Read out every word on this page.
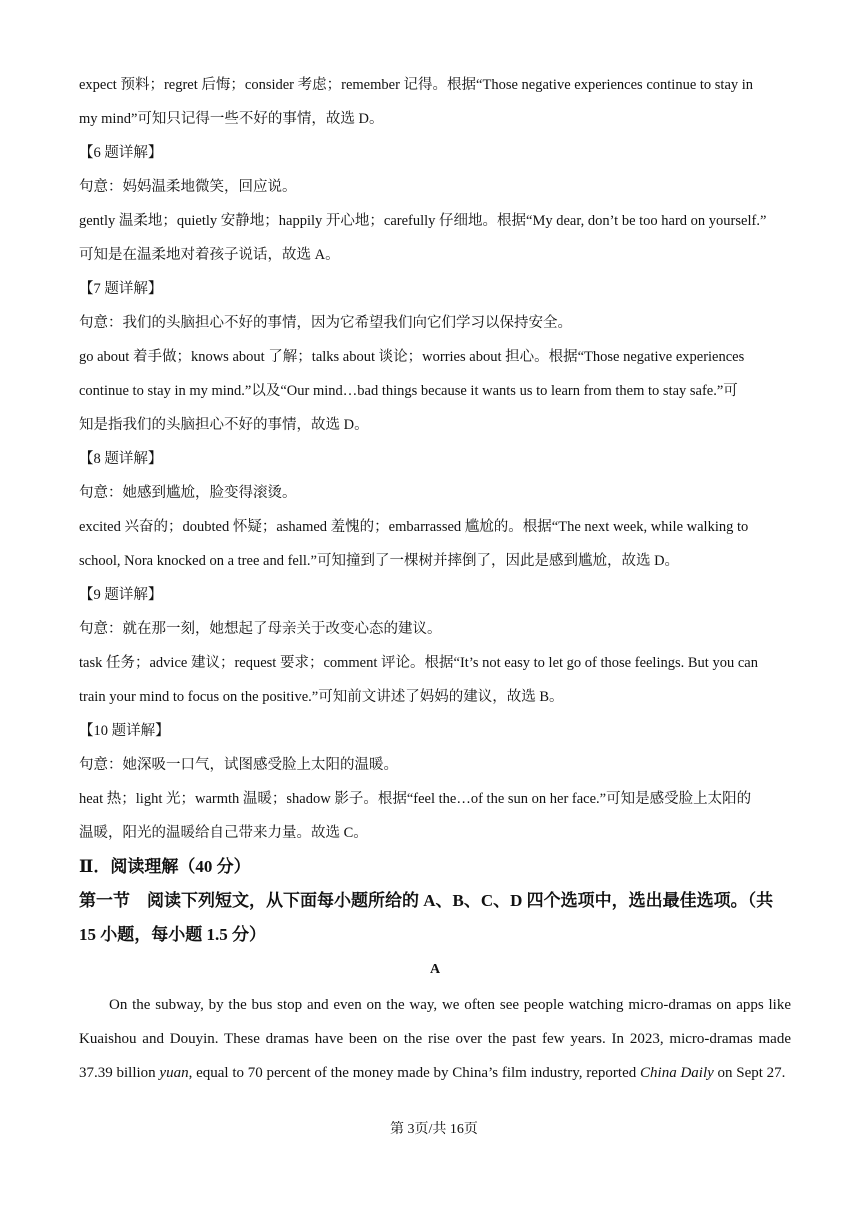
expect 预料；regret 后悔；consider 考虑；remember 记得。根据“Those negative experiences continue to stay in
my mind”可知只记得一些不好的事情，故选 D。
【6 题详解】
句意：妈妈温柔地微笑，回应说。
gently 温柔地；quietly 安静地；happily 开心地；carefully 仔细地。根据“My dear, don’t be too hard on yourself.”
可知是在温柔地对着孩子说话，故选 A。
【7 题详解】
句意：我们的头脑担心不好的事情，因为它希望我们向它们学习以保持安全。
go about 着手做；knows about 了解；talks about 谈论；worries about 担心。根据“Those negative experiences
continue to stay in my mind.”以及“Our mind…bad things because it wants us to learn from them to stay safe.”可
知是指我们的头脑担心不好的事情，故选 D。
【8 题详解】
句意：她感到尴尬，脸变得滚烫。
excited 兴奋的；doubted 怀疑；ashamed 羞愧的；embarrassed 尴尬的。根据“The next week, while walking to
school, Nora knocked on a tree and fell.”可知撞到了一棵树并摔倒了，因此是感到尴尬，故选 D。
【9 题详解】
句意：就在那一刻，她想起了母亲关于改变心态的建议。
task 任务；advice 建议；request 要求；comment 评论。根据“It’s not easy to let go of those feelings. But you can
train your mind to focus on the positive.”可知前文讲述了妈妈的建议，故选 B。
【10 题详解】
句意：她深吸一口气，试图感受脸上太阳的温暖。
heat 热；light 光；warmth 温暖；shadow 影子。根据“feel the…of the sun on her face.”可知是感受脸上太阳的
温暖，阳光的温暖给自己带来力量。故选 C。
Ⅱ．阅读理解（40 分）
第一节　阅读下列短文，从下面每小题所给的 A、B、C、D 四个选项中，选出最佳选项。（共
15 小题，每小题 1.5 分）
A
On the subway, by the bus stop and even on the way, we often see people watching micro-dramas on apps like Kuaishou and Douyin. These dramas have been on the rise over the past few years. In 2023, micro-dramas made 37.39 billion yuan, equal to 70 percent of the money made by China’s film industry, reported China Daily on Sept 27.
第 3页/共 16页
